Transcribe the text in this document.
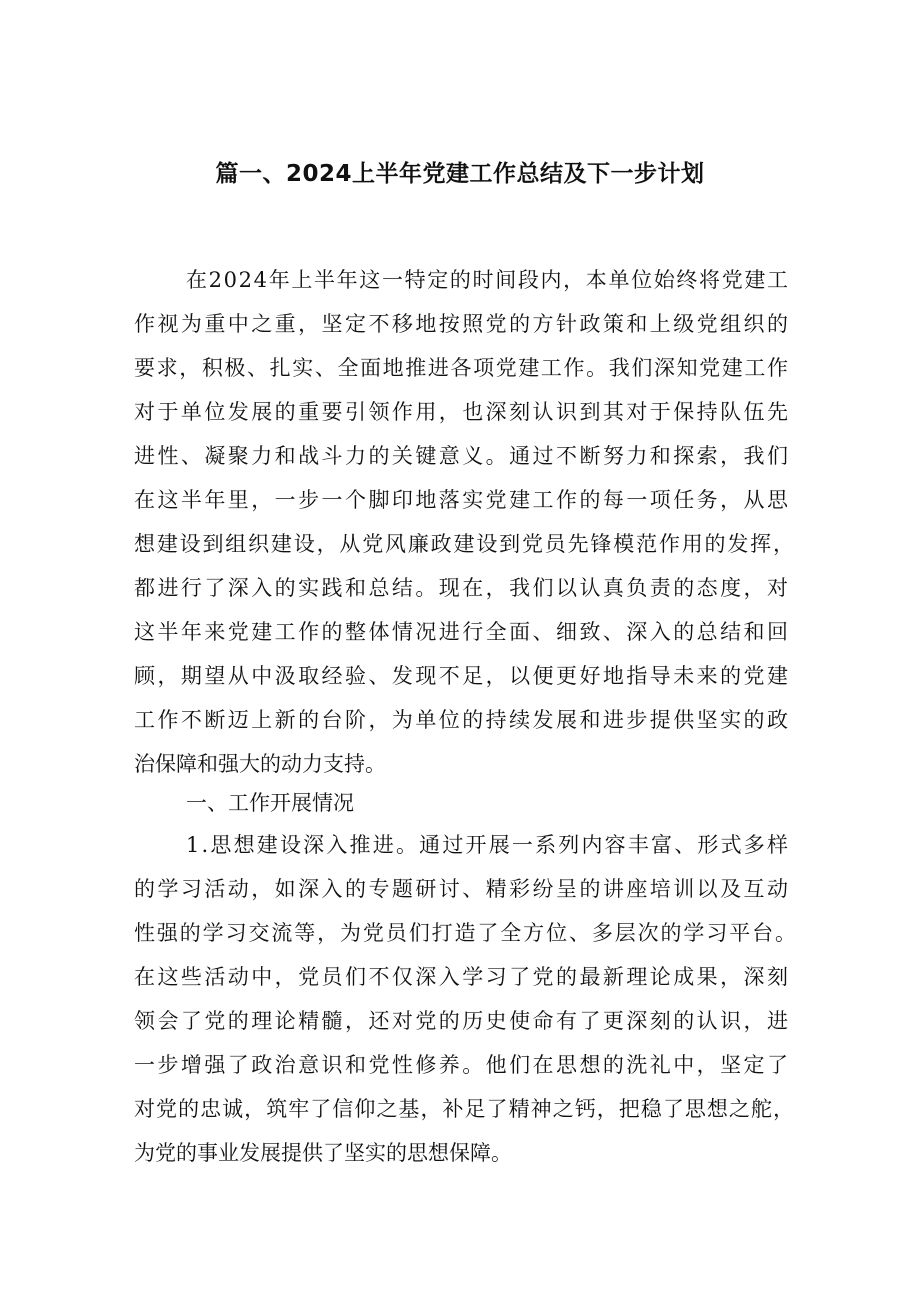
篇一、2024上半年党建工作总结及下一步计划
在2024年上半年这一特定的时间段内，本单位始终将党建工
作视为重中之重，坚定不移地按照党的方针政策和上级党组织的
要求，积极、扎实、全面地推进各项党建工作。我们深知党建工作
对于单位发展的重要引领作用，也深刻认识到其对于保持队伍先
进性、凝聚力和战斗力的关键意义。通过不断努力和探索，我们
在这半年里，一步一个脚印地落实党建工作的每一项任务，从思
想建设到组织建设，从党风廉政建设到党员先锋模范作用的发挥，
都进行了深入的实践和总结。现在，我们以认真负责的态度，对
这半年来党建工作的整体情况进行全面、细致、深入的总结和回
顾，期望从中汲取经验、发现不足，以便更好地指导未来的党建
工作不断迈上新的台阶，为单位的持续发展和进步提供坚实的政
治保障和强大的动力支持。
一、工作开展情况
1.思想建设深入推进。通过开展一系列内容丰富、形式多样
的学习活动，如深入的专题研讨、精彩纷呈的讲座培训以及互动
性强的学习交流等，为党员们打造了全方位、多层次的学习平台。
在这些活动中，党员们不仅深入学习了党的最新理论成果，深刻
领会了党的理论精髓，还对党的历史使命有了更深刻的认识，进
一步增强了政治意识和党性修养。他们在思想的洗礼中，坚定了
对党的忠诚，筑牢了信仰之基，补足了精神之钙，把稳了思想之舵，
为党的事业发展提供了坚实的思想保障。
